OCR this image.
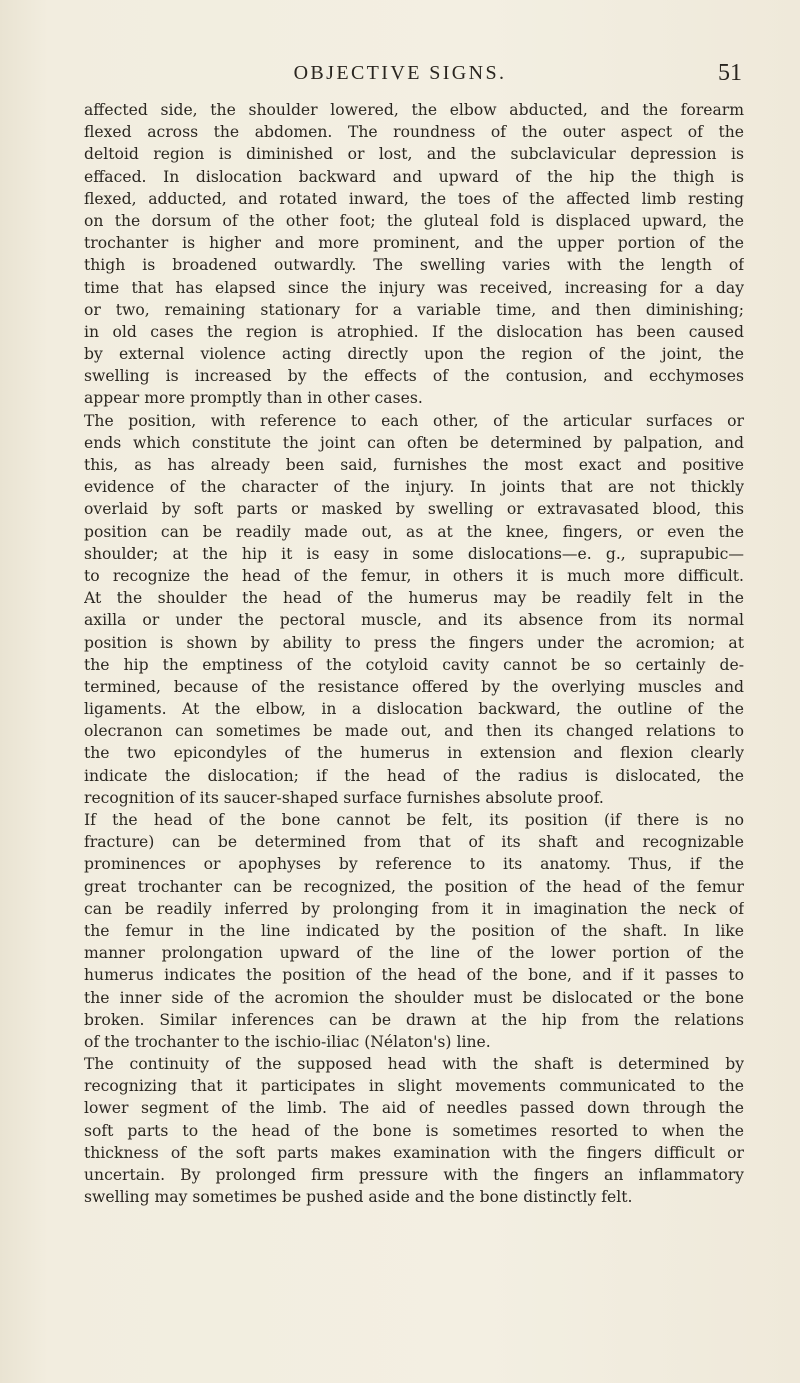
OBJECTIVE SIGNS.	51
affected side, the shoulder lowered, the elbow abducted, and the forearm
flexed across the abdomen. The roundness of the outer aspect of the
deltoid region is diminished or lost, and the subclavicular depression is
effaced. In dislocation backward and upward of the hip the thigh is
flexed, adducted, and rotated inward, the toes of the affected limb resting
on the dorsum of the other foot; the gluteal fold is displaced upward, the
trochanter is higher and more prominent, and the upper portion of the
thigh is broadened outwardly. The swelling varies with the length of
time that has elapsed since the injury was received, increasing for a day
or two, remaining stationary for a variable time, and then diminishing;
in old cases the region is atrophied. If the dislocation has been caused
by external violence acting directly upon the region of the joint, the
swelling is increased by the effects of the contusion, and ecchymoses
appear more promptly than in other cases.
The position, with reference to each other, of the articular surfaces or
ends which constitute the joint can often be determined by palpation, and
this, as has already been said, furnishes the most exact and positive
evidence of the character of the injury. In joints that are not thickly
overlaid by soft parts or masked by swelling or extravasated blood, this
position can be readily made out, as at the knee, fingers, or even the
shoulder; at the hip it is easy in some dislocations—e. g., suprapubic—
to recognize the head of the femur, in others it is much more difficult.
At the shoulder the head of the humerus may be readily felt in the
axilla or under the pectoral muscle, and its absence from its normal
position is shown by ability to press the fingers under the acromion; at
the hip the emptiness of the cotyloid cavity cannot be so certainly de-
termined, because of the resistance offered by the overlying muscles and
ligaments. At the elbow, in a dislocation backward, the outline of the
olecranon can sometimes be made out, and then its changed relations to
the two epicondyles of the humerus in extension and flexion clearly
indicate the dislocation; if the head of the radius is dislocated, the
recognition of its saucer-shaped surface furnishes absolute proof.
If the head of the bone cannot be felt, its position (if there is no
fracture) can be determined from that of its shaft and recognizable
prominences or apophyses by reference to its anatomy. Thus, if the
great trochanter can be recognized, the position of the head of the femur
can be readily inferred by prolonging from it in imagination the neck of
the femur in the line indicated by the position of the shaft. In like
manner prolongation upward of the line of the lower portion of the
humerus indicates the position of the head of the bone, and if it passes to
the inner side of the acromion the shoulder must be dislocated or the bone
broken. Similar inferences can be drawn at the hip from the relations
of the trochanter to the ischio-iliac (Nélaton's) line.
The continuity of the supposed head with the shaft is determined by
recognizing that it participates in slight movements communicated to the
lower segment of the limb. The aid of needles passed down through the
soft parts to the head of the bone is sometimes resorted to when the
thickness of the soft parts makes examination with the fingers difficult or
uncertain. By prolonged firm pressure with the fingers an inflammatory
swelling may sometimes be pushed aside and the bone distinctly felt.
